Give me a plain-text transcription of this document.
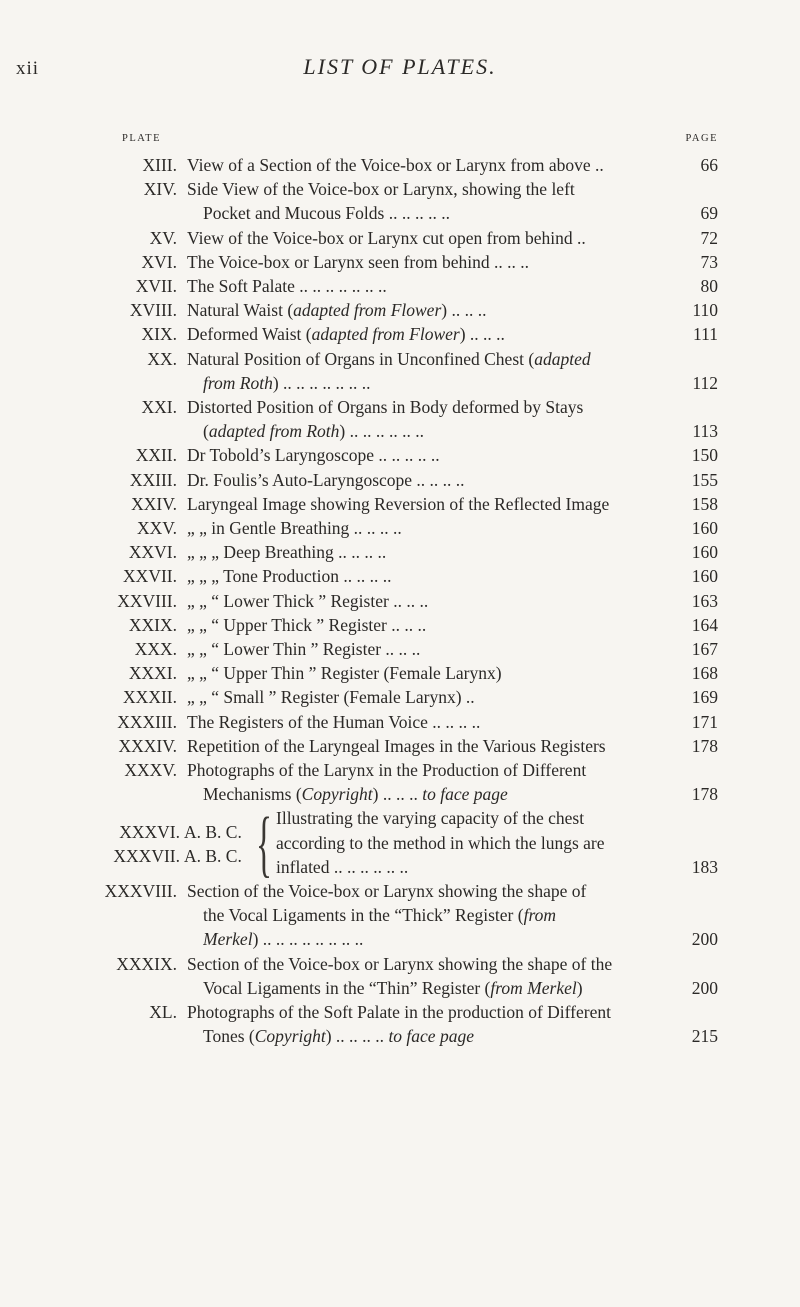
xii	LIST OF PLATES.
PLATE	PAGE
XIII. View of a Section of the Voice-box or Larynx from above ..	66
XIV. Side View of the Voice-box or Larynx, showing the left
Pocket and Mucous Folds .. .. .. .. ..	69
XV. View of the Voice-box or Larynx cut open from behind ..	72
XVI. The Voice-box or Larynx seen from behind .. .. ..	73
XVII. The Soft Palate .. .. .. .. .. .. ..	80
XVIII. Natural Waist (adapted from Flower) .. .. ..	110
XIX. Deformed Waist (adapted from Flower) .. .. ..	111
XX. Natural Position of Organs in Unconfined Chest (adapted
from Roth) .. .. .. .. .. .. ..	112
XXI. Distorted Position of Organs in Body deformed by Stays
(adapted from Roth) .. .. .. .. .. ..	113
XXII. Dr Tobold’s Laryngoscope .. .. .. .. ..	150
XXIII. Dr. Foulis’s Auto-Laryngoscope .. .. .. ..	155
XXIV. Laryngeal Image showing Reversion of the Reflected Image	158
XXV. „ „ in Gentle Breathing .. .. .. ..	160
XXVI. „ „ „ Deep Breathing .. .. .. ..	160
XXVII. „ „ „ Tone Production .. .. .. ..	160
XXVIII. „ „ “ Lower Thick ” Register .. .. ..	163
XXIX. „ „ “ Upper Thick ” Register .. .. ..	164
XXX. „ „ “ Lower Thin ” Register .. .. ..	167
XXXI. „ „ “ Upper Thin ” Register (Female Larynx)	168
XXXII. „ „ “ Small ” Register (Female Larynx) ..	169
XXXIII. The Registers of the Human Voice .. .. .. ..	171
XXXIV. Repetition of the Laryngeal Images in the Various Registers	178
XXXV. Photographs of the Larynx in the Production of Different
Mechanisms (Copyright) .. .. .. to face page	178
XXXVI. A. B. C.
XXXVII. A. B. C. { Illustrating the varying capacity of the chest
according to the method in which the lungs are
inflated .. .. .. .. .. ..	183
XXXVIII. Section of the Voice-box or Larynx showing the shape of
the Vocal Ligaments in the “Thick” Register (from
Merkel) .. .. .. .. .. .. .. ..	200
XXXIX. Section of the Voice-box or Larynx showing the shape of the
Vocal Ligaments in the “Thin” Register (from Merkel)	200
XL. Photographs of the Soft Palate in the production of Different
Tones (Copyright) .. .. .. .. to face page	215
